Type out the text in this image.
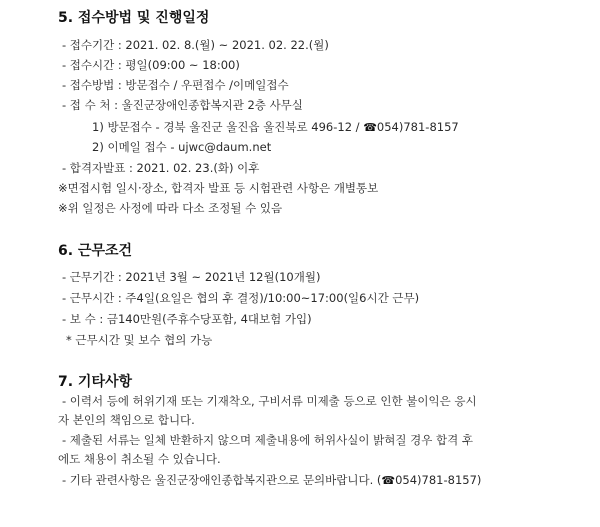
5. 접수방법 및 진행일정
- 접수기간 : 2021. 02. 8.(월) ~ 2021. 02. 22.(월)
- 접수시간 : 평일(09:00 ~ 18:00)
- 접수방법 : 방문접수 / 우편접수 /이메일접수
- 접 수 처 : 울진군장애인종합복지관 2층 사무실
1) 방문접수 - 경북 울진군 울진읍 울진북로 496-12 / ☎054)781-8157
2) 이메일 접수 - ujwc@daum.net
- 합격자발표 : 2021. 02. 23.(화) 이후
※면접시험 일시·장소, 합격자 발표 등 시험관련 사항은 개별통보
※위 일정은 사정에 따라 다소 조정될 수 있음
6. 근무조건
- 근무기간 : 2021년 3월 ~ 2021년 12월(10개월)
- 근무시간 : 주4일(요일은 협의 후 결정)/10:00~17:00(일6시간 근무)
- 보 수 : 금140만원(주휴수당포함, 4대보험 가입)
* 근무시간 및 보수 협의 가능
7. 기타사항
- 이력서 등에 허위기재 또는 기재착오, 구비서류 미제출 등으로 인한 불이익은 응시
자 본인의 책임으로 합니다.
- 제출된 서류는 일체 반환하지 않으며 제출내용에 허위사실이 밝혀질 경우 합격 후
에도 채용이 취소될 수 있습니다.
- 기타 관련사항은 울진군장애인종합복지관으로 문의바랍니다. (☎054)781-8157)
